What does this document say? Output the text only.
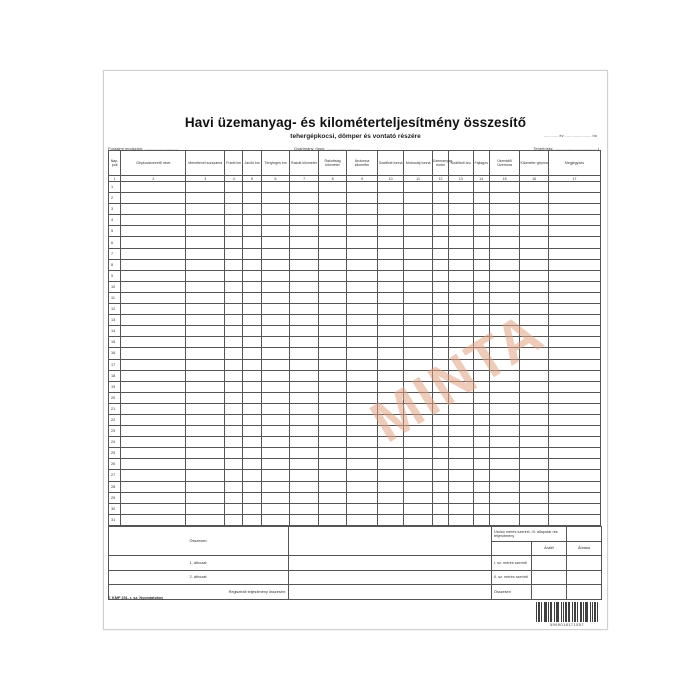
Havi üzemanyag- és kilométerteljesítmény összesítő
tehergépkocsi, dömper és vontató részére	............. év ........................ hó
Forgalmi rendszám: ..............................	Gyártmány, típus: ..............................	Teherbírás: ...................................... t
Nap-pok	Gépkocsivezető neve	Menetlevél sorszáma	Futott km	Javító km	Tényleges km	Rakott kilométer	Rakottság kilométer	Árutonna kilométer	Szállított tonna	Motorolaj tonna	Üzemanyag motor	Szállított áru	Fajlagos	Üzemidő/Üzemóra	Kilométer gépóra	Megjegyzés
1	2	3	4	5	6	7	8	9	10	11	12	13	14	15	16	17
1																
2																
3																
4																
5																
6																
7																
8																
9																
10																
11																
12																
13																
14																
15																
16																
17																
18																
19																
20																
21																
22																
23																
24																
25																
26																
27																
28																
29																
30																
31																
Összesen:		Utolsó mérés szerinti, III. állapotár rés teljesítmény		
			Áraléi	Átírása
1. áthozat:		I. sz. mérés szerinti		
2. áthozat:		II. sz. mérés szerinti		
Regisztrált teljesítmény összesen:		Összesen		
T. KMP 251. r. sz. Nyomtatvány
5999018171557
MINTA
